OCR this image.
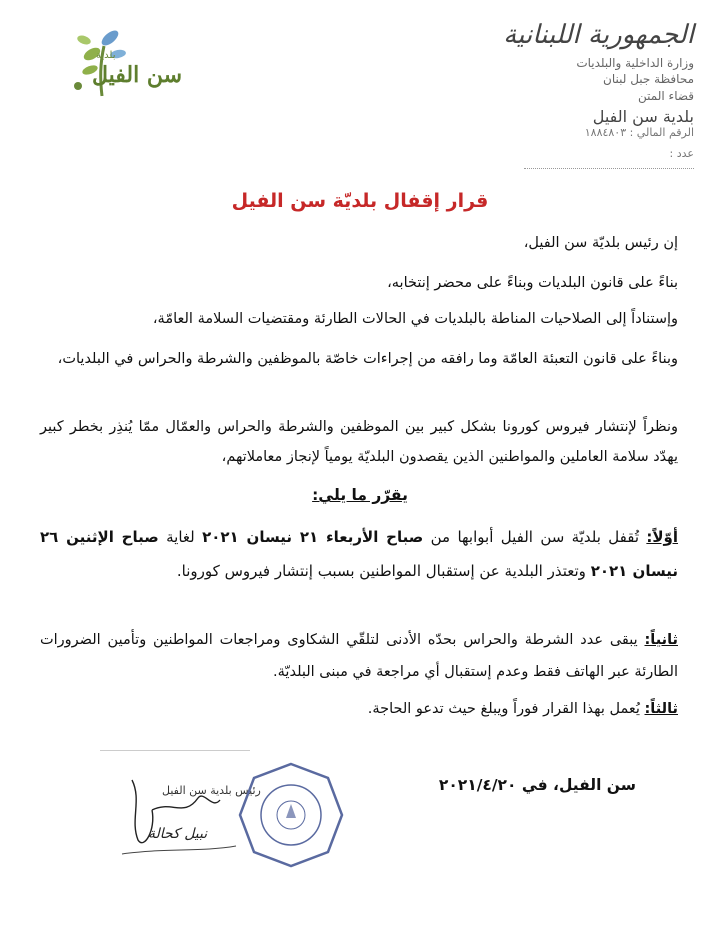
بلدية
سن الفيل
الجمهورية اللبنانية
وزارة الداخلية والبلديات
محافظة جبل لبنان
قضاء المتن
بلدية سن الفيل
الرقم المالي : ١٨٨٤٨٠٣
عدد :
قرار إقفال بلديّة سن الفيل
إن رئيس بلديّة سن الفيل،
بناءً على قانون البلديات وبناءً على محضر إنتخابه،
وإستناداً إلى الصلاحيات المناطة بالبلديات في الحالات الطارئة ومقتضيات السلامة العامّة،
وبناءً على قانون التعبئة العامّة وما رافقه من إجراءات خاصّة بالموظفين والشرطة والحراس في البلديات،
ونظراً لإنتشار فيروس كورونا بشكل كبير بين الموظفين والشرطة والحراس والعمّال ممّا يُنذِر بخطر كبير يهدّد سلامة العاملين والمواطنين الذين يقصدون البلديّة يومياً لإنجاز معاملاتهم،
يقرّر ما يلي:
أوّلاً: تُقفل بلديّة سن الفيل أبوابها من صباح الأربعاء ٢١ نيسان ٢٠٢١ لغاية صباح الإثنين ٢٦ نيسان ٢٠٢١ وتعتذر البلدية عن إستقبال المواطنين بسبب إنتشار فيروس كورونا.
ثانياً: يبقى عدد الشرطة والحراس بحدّه الأدنى لتلقّي الشكاوى ومراجعات المواطنين وتأمين الضرورات الطارئة عبر الهاتف فقط وعدم إستقبال أي مراجعة في مبنى البلديّة.
ثالثاً: يُعمل بهذا القرار فوراً ويبلغ حيث تدعو الحاجة.
سن الفيل، في ٢٠٢١/٤/٢٠
رئيس بلدية سن الفيل
نبيل كحالة
